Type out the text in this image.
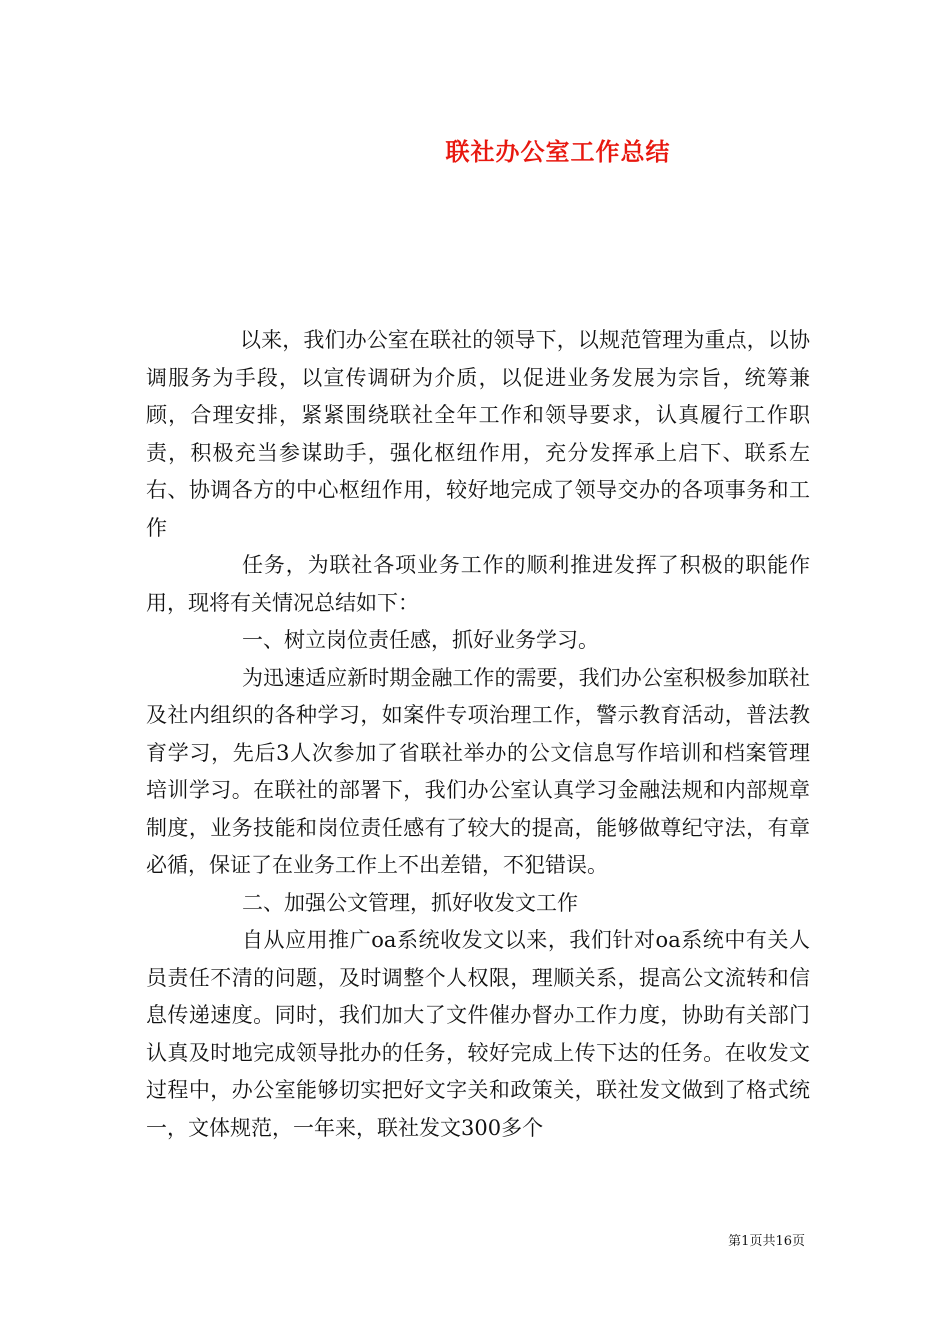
联社办公室工作总结

以来，我们办公室在联社的领导下，以规范管理为重点，以协调服务为手段，以宣传调研为介质，以促进业务发展为宗旨，统筹兼顾，合理安排，紧紧围绕联社全年工作和领导要求，认真履行工作职责，积极充当参谋助手，强化枢纽作用，充分发挥承上启下、联系左右、协调各方的中心枢纽作用，较好地完成了领导交办的各项事务和工作

任务，为联社各项业务工作的顺利推进发挥了积极的职能作用，现将有关情况总结如下：

一、树立岗位责任感，抓好业务学习。

为迅速适应新时期金融工作的需要，我们办公室积极参加联社及社内组织的各种学习，如案件专项治理工作，警示教育活动，普法教育学习，先后3人次参加了省联社举办的公文信息写作培训和档案管理培训学习。在联社的部署下，我们办公室认真学习金融法规和内部规章制度，业务技能和岗位责任感有了较大的提高，能够做尊纪守法，有章必循，保证了在业务工作上不出差错，不犯错误。

二、加强公文管理，抓好收发文工作

自从应用推广oa系统收发文以来，我们针对oa系统中有关人员责任不清的问题，及时调整个人权限，理顺关系，提高公文流转和信息传递速度。同时，我们加大了文件催办督办工作力度，协助有关部门认真及时地完成领导批办的任务，较好完成上传下达的任务。在收发文过程中，办公室能够切实把好文字关和政策关，联社发文做到了格式统一，文体规范，一年来，联社发文300多个

第1页共16页
